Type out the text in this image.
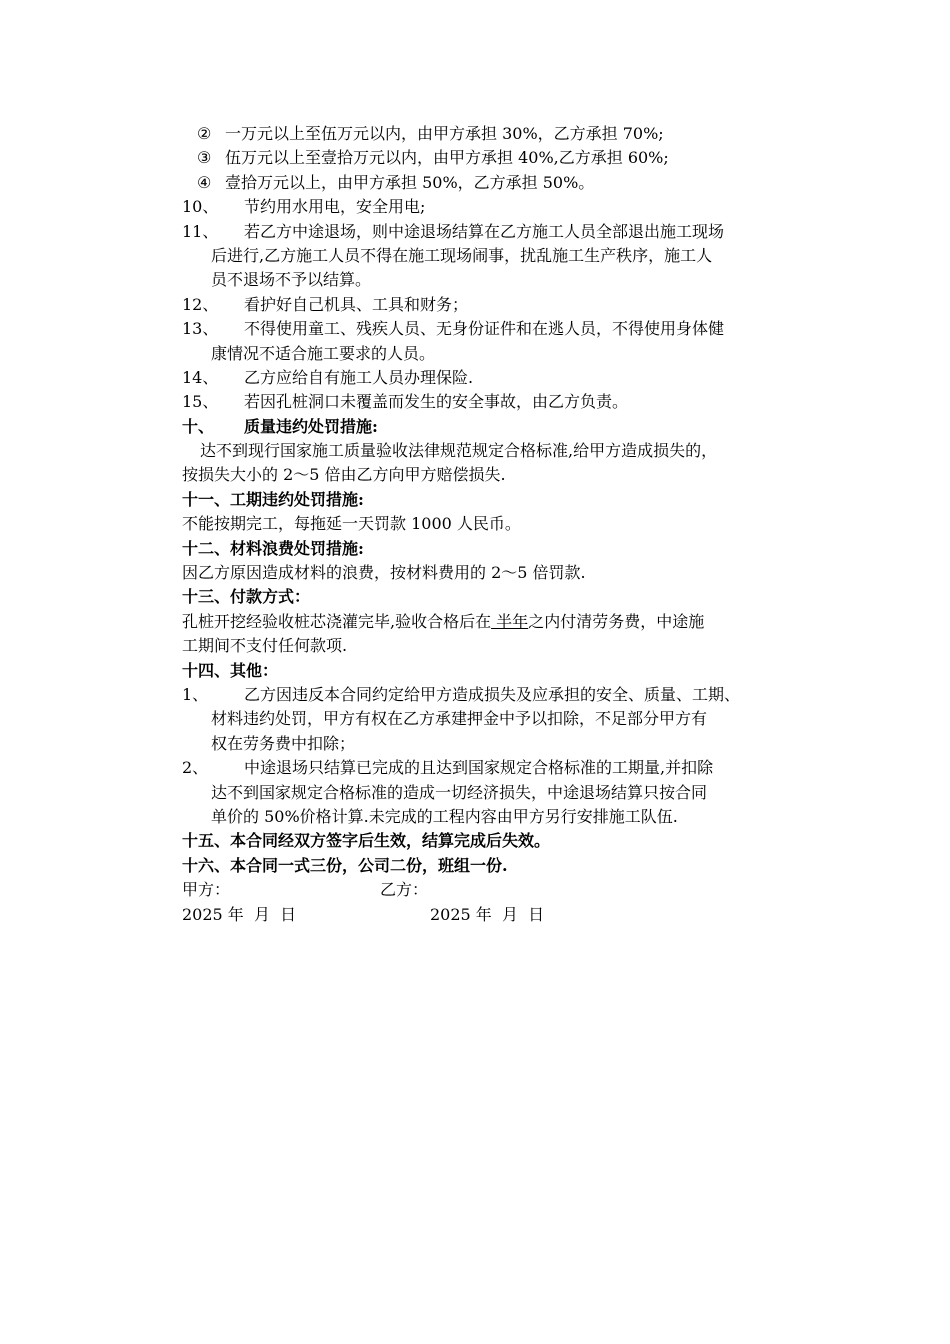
② 一万元以上至伍万元以内，由甲方承担 30%，乙方承担 70%;
③ 伍万元以上至壹拾万元以内，由甲方承担 40%,乙方承担 60%;
④ 壹拾万元以上，由甲方承担 50%，乙方承担 50%。
10、 节约用水用电，安全用电;
11、 若乙方中途退场，则中途退场结算在乙方施工人员全部退出施工现场
后进行,乙方施工人员不得在施工现场闹事，扰乱施工生产秩序，施工人
员不退场不予以结算。
12、 看护好自己机具、工具和财务；
13、 不得使用童工、残疾人员、无身份证件和在逃人员，不得使用身体健
康情况不适合施工要求的人员。
14、 乙方应给自有施工人员办理保险.
15、 若因孔桩洞口未覆盖而发生的安全事故，由乙方负责。
十、 质量违约处罚措施:
达不到现行国家施工质量验收法律规范规定合格标准,给甲方造成损失的，
按损失大小的 2～5 倍由乙方向甲方赔偿损失.
十一、工期违约处罚措施:
不能按期完工，每拖延一天罚款 1000 人民币。
十二、材料浪费处罚措施:
因乙方原因造成材料的浪费，按材料费用的 2～5 倍罚款.
十三、付款方式：
孔桩开挖经验收桩芯浇灌完毕,验收合格后在 半年之内付清劳务费，中途施
工期间不支付任何款项.
十四、其他：
1、 乙方因违反本合同约定给甲方造成损失及应承担的安全、质量、工期、
材料违约处罚，甲方有权在乙方承建押金中予以扣除，不足部分甲方有
权在劳务费中扣除；
2、 中途退场只结算已完成的且达到国家规定合格标准的工期量,并扣除
达不到国家规定合格标准的造成一切经济损失，中途退场结算只按合同
单价的 50%价格计算.未完成的工程内容由甲方另行安排施工队伍.
十五、本合同经双方签字后生效，结算完成后失效。
十六、本合同一式三份，公司二份，班组一份.
甲方：	乙方：
2025 年  月  日	2025 年  月  日
